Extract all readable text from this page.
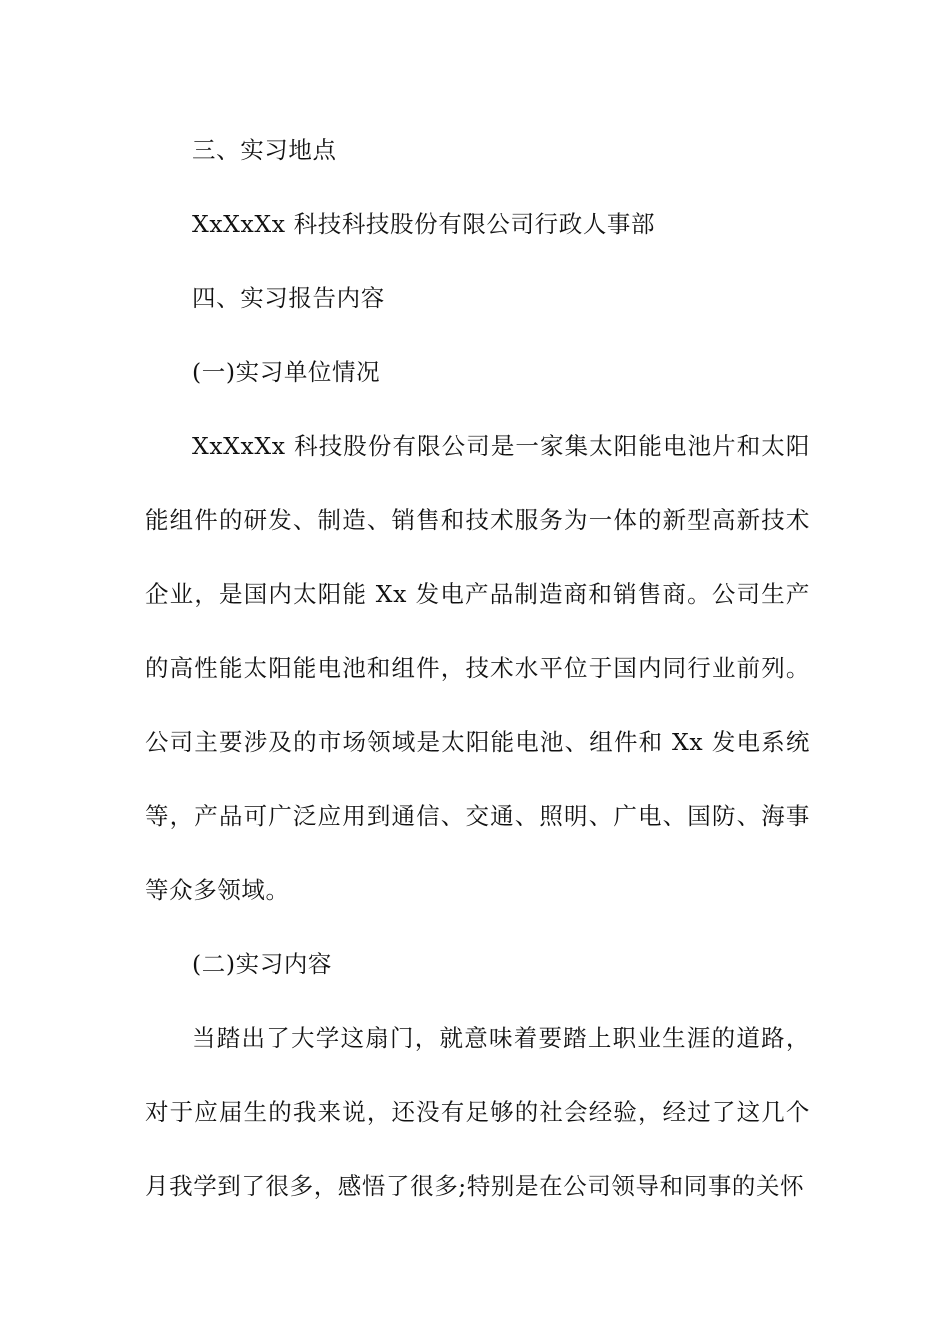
三、实习地点

XxXxXx 科技科技股份有限公司行政人事部

四、实习报告内容

(一)实习单位情况

XxXxXx 科技股份有限公司是一家集太阳能电池片和太阳能组件的研发、制造、销售和技术服务为一体的新型高新技术企业，是国内太阳能 Xx 发电产品制造商和销售商。公司生产的高性能太阳能电池和组件，技术水平位于国内同行业前列。公司主要涉及的市场领域是太阳能电池、组件和 Xx 发电系统等，产品可广泛应用到通信、交通、照明、广电、国防、海事等众多领域。

(二)实习内容

当踏出了大学这扇门，就意味着要踏上职业生涯的道路，对于应届生的我来说，还没有足够的社会经验，经过了这几个月我学到了很多，感悟了很多;特别是在公司领导和同事的关怀
